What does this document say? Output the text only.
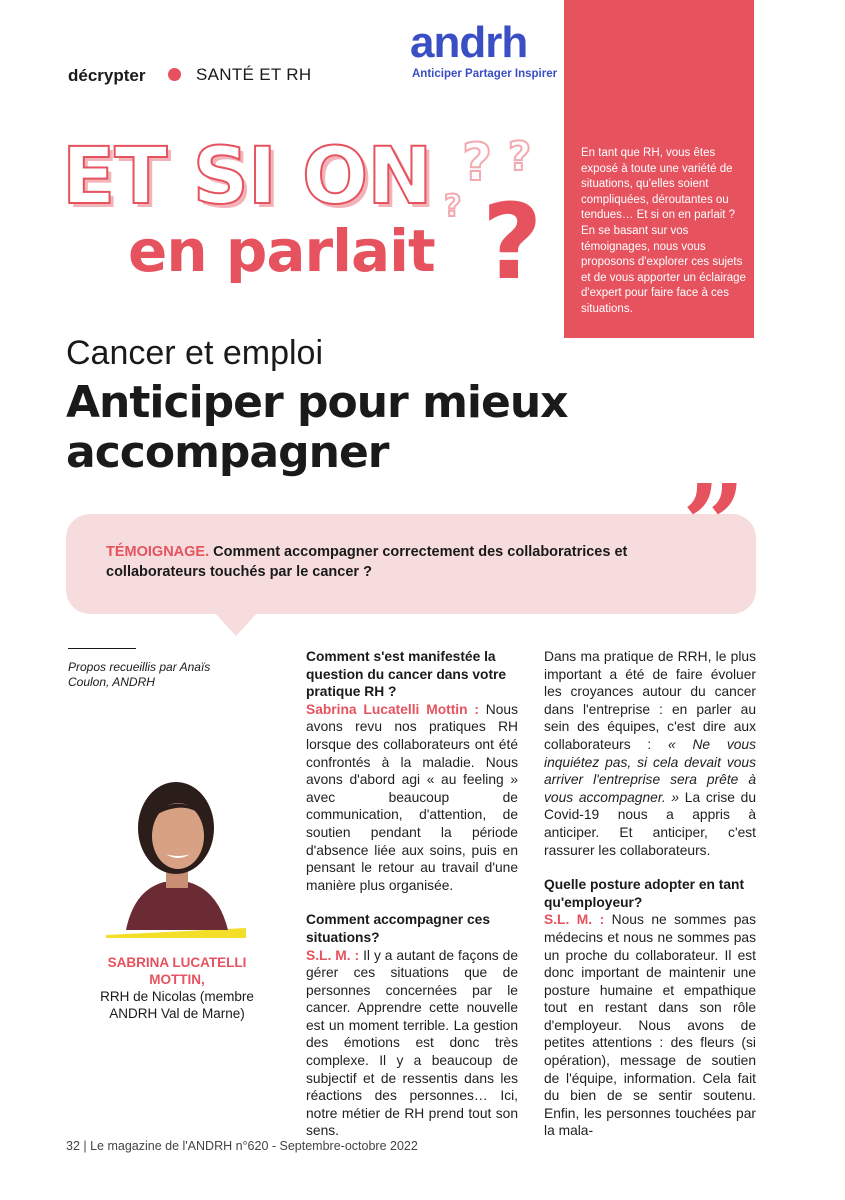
décrypter	SANTÉ ET RH
andrh
Anticiper Partager Inspirer
En tant que RH, vous êtes exposé à toute une variété de situations, qu'elles soient compliquées, déroutantes ou tendues… Et si on en parlait ? En se basant sur vos témoignages, nous vous proposons d'explorer ces sujets et de vous apporter un éclairage d'expert pour faire face à ces situations.
ET SI ON
en parlait
? ?
? ?
Cancer et emploi
Anticiper pour mieux accompagner
TÉMOIGNAGE. Comment accompagner correctement des collaboratrices et collaborateurs touchés par le cancer ?	”
Propos recueillis par Anaïs Coulon, ANDRH
SABRINA LUCATELLI MOTTIN,
RRH de Nicolas (membre ANDRH Val de Marne)
Comment s'est manifestée la question du cancer dans votre pratique RH ?

Sabrina Lucatelli Mottin : Nous avons revu nos pratiques RH lorsque des collaborateurs ont été confrontés à la maladie. Nous avons d'abord agi « au feeling » avec beaucoup de communication, d'attention, de soutien pendant la période d'absence liée aux soins, puis en pensant le retour au travail d'une manière plus organisée.

Comment accompagner ces situations?

S.L. M. : Il y a autant de façons de gérer ces situations que de personnes concernées par le cancer. Apprendre cette nouvelle est un moment terrible. La gestion des émotions est donc très complexe. Il y a beaucoup de subjectif et de ressentis dans les réactions des personnes… Ici, notre métier de RH prend tout son sens.

Dans ma pratique de RRH, le plus important a été de faire évoluer les croyances autour du cancer dans l'entreprise : en parler au sein des équipes, c'est dire aux collaborateurs : « Ne vous inquiétez pas, si cela devait vous arriver l'entreprise sera prête à vous accompagner. » La crise du Covid-19 nous a appris à anticiper. Et anticiper, c'est rassurer les collaborateurs.

Quelle posture adopter en tant qu'employeur?

S.L. M. : Nous ne sommes pas médecins et nous ne sommes pas un proche du collaborateur. Il est donc important de maintenir une posture humaine et empathique tout en restant dans son rôle d'employeur. Nous avons de petites attentions : des fleurs (si opération), message de soutien de l'équipe, information. Cela fait du bien de se sentir soutenu. Enfin, les personnes touchées par la mala-

32 | Le magazine de l'ANDRH n°620 - Septembre-octobre 2022
